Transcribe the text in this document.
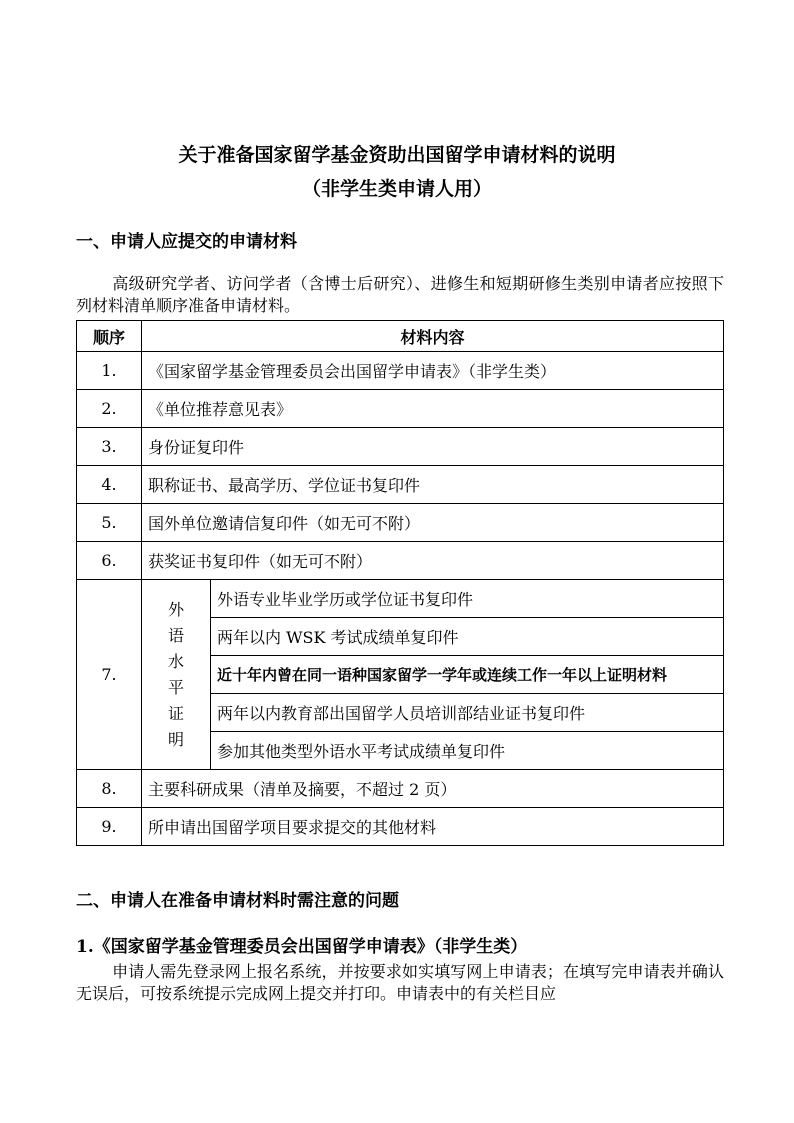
关于准备国家留学基金资助出国留学申请材料的说明
（非学生类申请人用）
一、申请人应提交的申请材料
高级研究学者、访问学者（含博士后研究）、进修生和短期研修生类别申请者应按照下列材料清单顺序准备申请材料。
顺序	材料内容	
1.	《国家留学基金管理委员会出国留学申请表》（非学生类）	
2.	《单位推荐意见表》	
3.	身份证复印件	
4.	职称证书、最高学历、学位证书复印件	
5.	国外单位邀请信复印件（如无可不附）	
6.	获奖证书复印件（如无可不附）	
7.	外语水平证明	外语专业毕业学历或学位证书复印件
		两年以内 WSK 考试成绩单复印件
		近十年内曾在同一语种国家留学一学年或连续工作一年以上证明材料
		两年以内教育部出国留学人员培训部结业证书复印件
		参加其他类型外语水平考试成绩单复印件
8.	主要科研成果（清单及摘要，不超过 2 页）	
9.	所申请出国留学项目要求提交的其他材料	
二、申请人在准备申请材料时需注意的问题
1.《国家留学基金管理委员会出国留学申请表》（非学生类）
申请人需先登录网上报名系统，并按要求如实填写网上申请表；在填写完申请表并确认无误后，可按系统提示完成网上提交并打印。申请表中的有关栏目应
